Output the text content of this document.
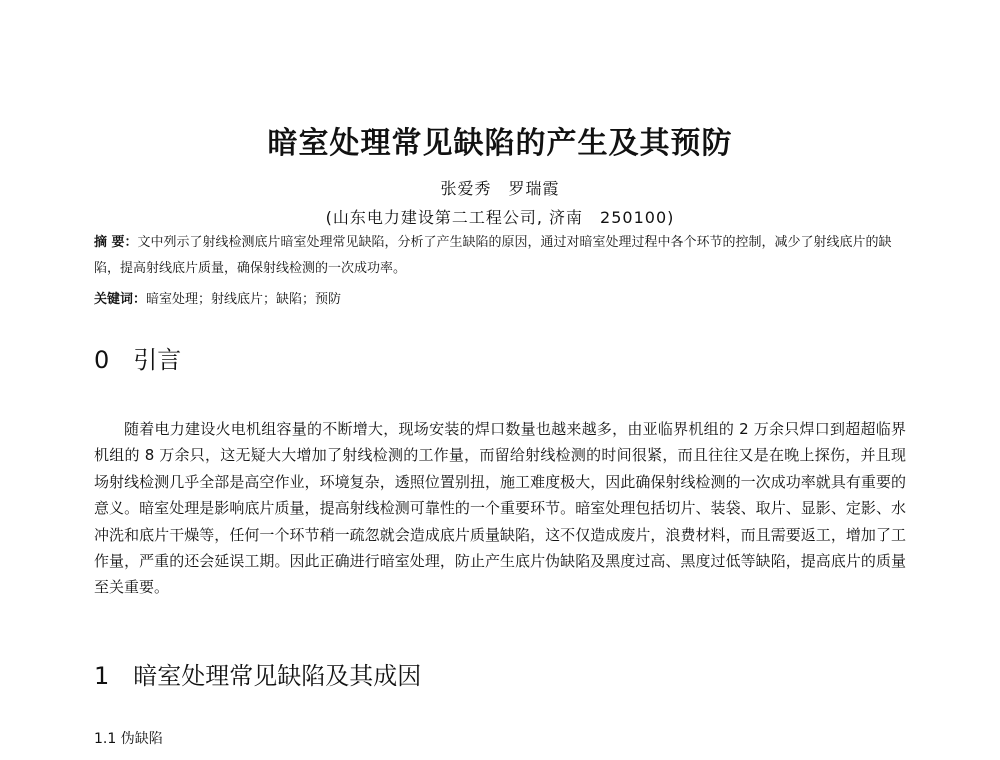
暗室处理常见缺陷的产生及其预防
张爱秀　罗瑞霞
(山东电力建设第二工程公司, 济南　250100)
摘 要：文中列示了射线检测底片暗室处理常见缺陷，分析了产生缺陷的原因，通过对暗室处理过程中各个环节的控制，减少了射线底片的缺陷，提高射线底片质量，确保射线检测的一次成功率。
关键词：暗室处理；射线底片；缺陷；预防
0　引言
随着电力建设火电机组容量的不断增大，现场安装的焊口数量也越来越多，由亚临界机组的 2 万余只焊口到超超临界机组的 8 万余只，这无疑大大增加了射线检测的工作量，而留给射线检测的时间很紧，而且往往又是在晚上探伤，并且现场射线检测几乎全部是高空作业，环境复杂，透照位置别扭，施工难度极大，因此确保射线检测的一次成功率就具有重要的意义。暗室处理是影响底片质量，提高射线检测可靠性的一个重要环节。暗室处理包括切片、装袋、取片、显影、定影、水冲洗和底片干燥等，任何一个环节稍一疏忽就会造成底片质量缺陷，这不仅造成废片，浪费材料，而且需要返工，增加了工作量，严重的还会延误工期。因此正确进行暗室处理，防止产生底片伪缺陷及黑度过高、黑度过低等缺陷，提高底片的质量至关重要。
1　暗室处理常见缺陷及其成因
1.1 伪缺陷
